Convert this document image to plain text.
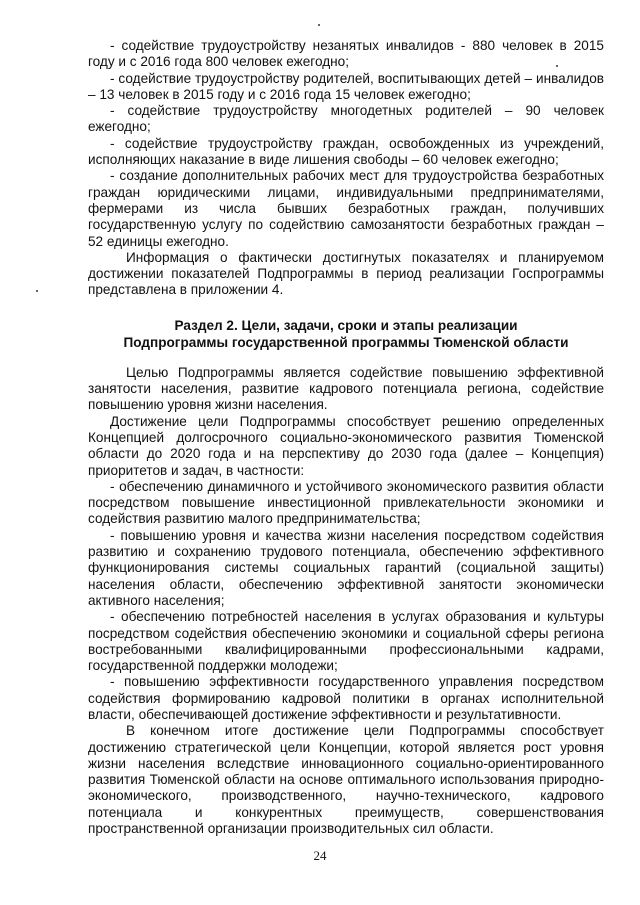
- содействие трудоустройству незанятых инвалидов - 880 человек в 2015 году и с 2016 года 800 человек ежегодно;

- содействие трудоустройству родителей, воспитывающих детей – инвалидов – 13 человек в 2015 году и с 2016 года 15 человек ежегодно;

- содействие трудоустройству многодетных родителей – 90 человек ежегодно;

- содействие трудоустройству граждан, освобожденных из учреждений, исполняющих наказание в виде лишения свободы – 60 человек ежегодно;

- создание дополнительных рабочих мест для трудоустройства безработных граждан юридическими лицами, индивидуальными предпринимателями, фермерами из числа бывших безработных граждан, получивших государственную услугу по содействию самозанятости безработных граждан – 52 единицы ежегодно.

Информация о фактически достигнутых показателях и планируемом достижении показателей Подпрограммы в период реализации Госпрограммы представлена в приложении 4.

Раздел 2. Цели, задачи, сроки и этапы реализации
Подпрограммы государственной программы Тюменской области

Целью Подпрограммы является содействие повышению эффективной занятости населения, развитие кадрового потенциала региона, содействие повышению уровня жизни населения.

Достижение цели Подпрограммы способствует решению определенных Концепцией долгосрочного социально-экономического развития Тюменской области до 2020 года и на перспективу до 2030 года (далее – Концепция) приоритетов и задач, в частности:

- обеспечению динамичного и устойчивого экономического развития области посредством повышение инвестиционной привлекательности экономики и содействия развитию малого предпринимательства;

- повышению уровня и качества жизни населения посредством содействия развитию и сохранению трудового потенциала, обеспечению эффективного функционирования системы социальных гарантий (социальной защиты) населения области, обеспечению эффективной занятости экономически активного населения;

- обеспечению потребностей населения в услугах образования и культуры посредством содействия обеспечению экономики и социальной сферы региона востребованными квалифицированными профессиональными кадрами, государственной поддержки молодежи;

- повышению эффективности государственного управления посредством содействия формированию кадровой политики в органах исполнительной власти, обеспечивающей достижение эффективности и результативности.

В конечном итоге достижение цели Подпрограммы способствует достижению стратегической цели Концепции, которой является рост уровня жизни населения вследствие инновационного социально-ориентированного развития Тюменской области на основе оптимального использования природно-экономического, производственного, научно-технического, кадрового потенциала и конкурентных преимуществ, совершенствования пространственной организации производительных сил области.

24
